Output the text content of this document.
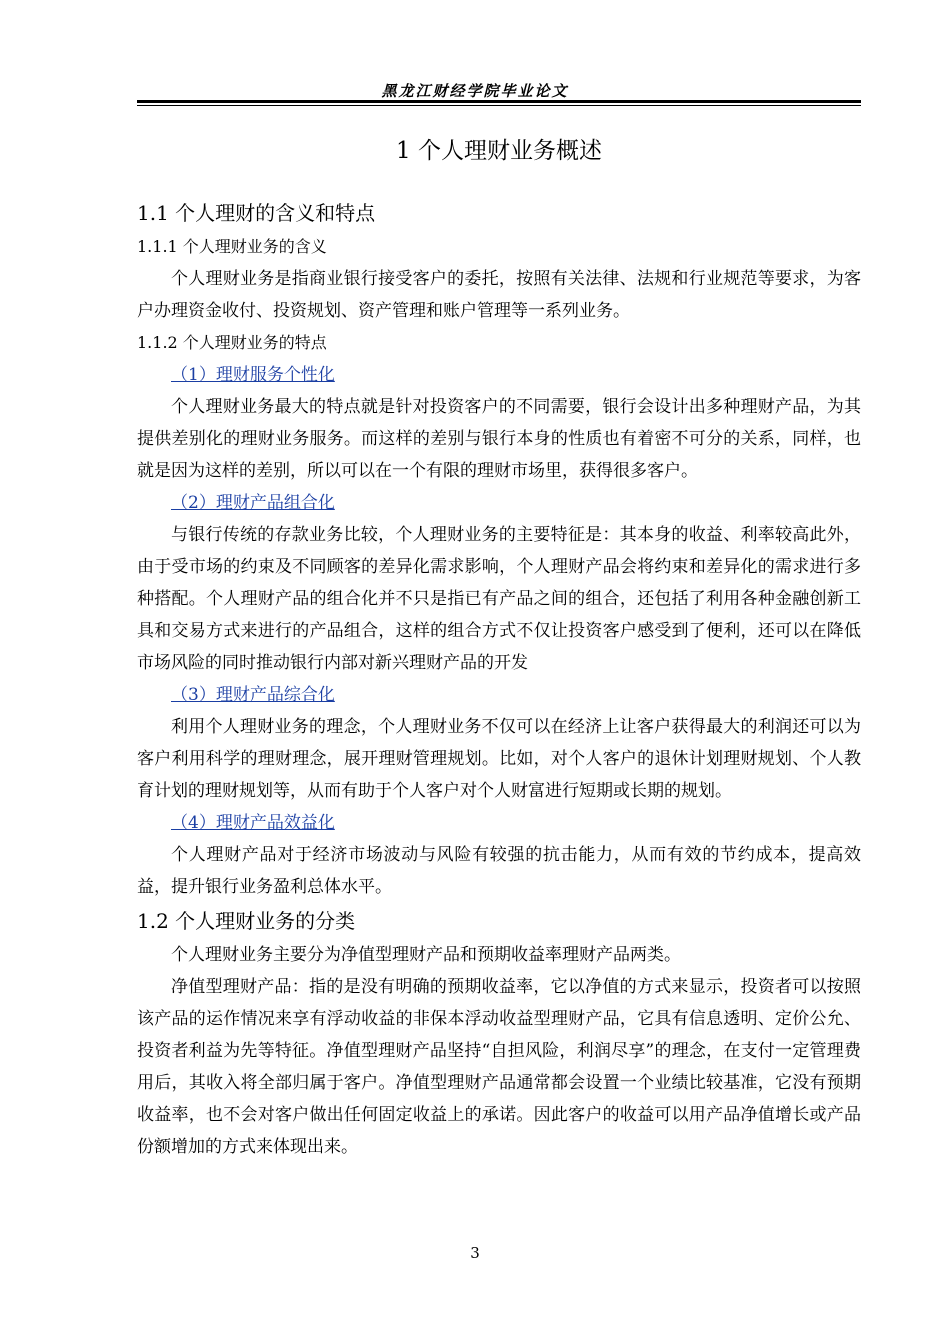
黑龙江财经学院毕业论文
1 个人理财业务概述
1.1 个人理财的含义和特点
1.1.1 个人理财业务的含义

个人理财业务是指商业银行接受客户的委托，按照有关法律、法规和行业规范等要求，为客户办理资金收付、投资规划、资产管理和账户管理等一系列业务。

1.1.2 个人理财业务的特点
（1）理财服务个性化

个人理财业务最大的特点就是针对投资客户的不同需要，银行会设计出多种理财产品，为其提供差别化的理财业务服务。而这样的差别与银行本身的性质也有着密不可分的关系，同样，也就是因为这样的差别，所以可以在一个有限的理财市场里，获得很多客户。

（2）理财产品组合化

与银行传统的存款业务比较，个人理财业务的主要特征是：其本身的收益、利率较高此外，由于受市场的约束及不同顾客的差异化需求影响，个人理财产品会将约束和差异化的需求进行多种搭配。个人理财产品的组合化并不只是指已有产品之间的组合，还包括了利用各种金融创新工具和交易方式来进行的产品组合，这样的组合方式不仅让投资客户感受到了便利，还可以在降低市场风险的同时推动银行内部对新兴理财产品的开发

（3）理财产品综合化

利用个人理财业务的理念，个人理财业务不仅可以在经济上让客户获得最大的利润还可以为客户利用科学的理财理念，展开理财管理规划。比如，对个人客户的退休计划理财规划、个人教育计划的理财规划等，从而有助于个人客户对个人财富进行短期或长期的规划。

（4）理财产品效益化

个人理财产品对于经济市场波动与风险有较强的抗击能力，从而有效的节约成本，提高效益，提升银行业务盈利总体水平。

1.2 个人理财业务的分类

个人理财业务主要分为净值型理财产品和预期收益率理财产品两类。

净值型理财产品：指的是没有明确的预期收益率，它以净值的方式来显示，投资者可以按照该产品的运作情况来享有浮动收益的非保本浮动收益型理财产品，它具有信息透明、定价公允、投资者利益为先等特征。净值型理财产品坚持“自担风险，利润尽享”的理念，在支付一定管理费用后，其收入将全部归属于客户。净值型理财产品通常都会设置一个业绩比较基准，它没有预期收益率，也不会对客户做出任何固定收益上的承诺。因此客户的收益可以用产品净值增长或产品份额增加的方式来体现出来。

3
